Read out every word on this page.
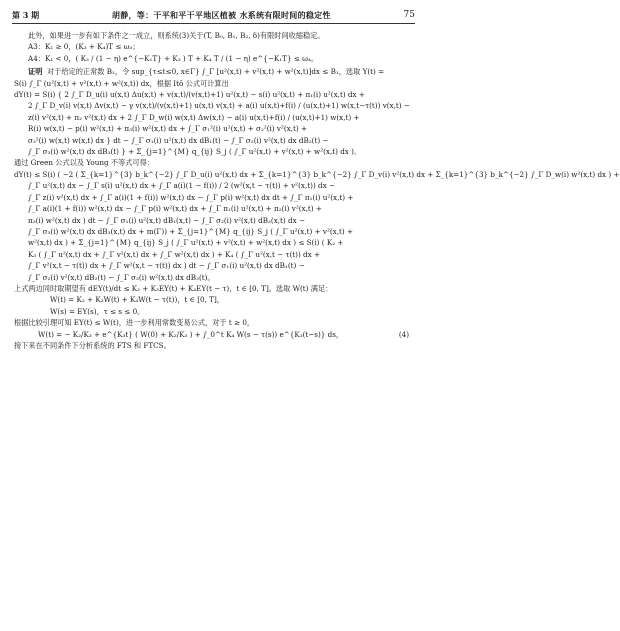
第 3 期	胡静，等：干平和平干平地区植被 水系统有限时间的稳定性	75
此外，如果进一步有如下条件之一成立，则系统(3)关于(T, B₀, B₁, B₂, δ)有限时间收缩稳定。
A3：K₁ ≥ 0，(K₃ + K₄)T ≤ ω₃；
A4：K₁ < 0，( K₃ / (1 − η) e^{−K₁T} + K₃ ) T + K₄ T / (1 − η) e^{−K₁T} ≤ ω₄。
证明 对于给定的正常数 B₁，令 sup_{τ≤t≤0, x∈Γ} ∫_Γ [u²(x,t) + v²(x,t) + w²(x,t)]dx ≤ B₁，选取 Y(t) =
S(i) ∫_Γ (u²(x,t) + v²(x,t) + w²(x,t)) dx，根据 Itô 公式可计算出
dY(t) = S(i) { 2 ∫_Γ D_u(i) u(x,t) Δu(x,t) + v(x,t)/(v(x,t)+1) u²(x,t) − s(i) u²(x,t) + π₁(i) u²(x,t) dx +
2 ∫_Γ D_v(i) v(x,t) Δv(x,t) − γ v(x,t)/(v(x,t)+1) u(x,t) v(x,t) + a(i) u(x,t)+f(i) / (u(x,t)+1) w(x,t−τ(t)) v(x,t) −
z(i) v²(x,t) + π₂ v²(x,t) dx + 2 ∫_Γ D_w(i) w(x,t) Δw(x,t) − a(i) u(x,t)+f(i) / (u(x,t)+1) w(x,t) +
R(i) w(x,t) − p(i) w²(x,t) + π₃(i) w²(x,t) dx + ∫_Γ σ₁²(i) u²(x,t) + σ₂²(i) v²(x,t) +
σ₃²(i) w(x,t) w(x,t) dx } dt − ∫_Γ σ₁(i) u²(x,t) dx dB₁(t) − ∫_Γ σ₂(i) v²(x,t) dx dB₂(t) −
∫_Γ σ₃(i) w²(x,t) dx dB₃(t) } + Σ_{j=1}^{M} q_{ij} S_j ( ∫_Γ u²(x,t) + v²(x,t) + w²(x,t) dx )。
通过 Green 公式以及 Young 不等式可得：
dY(t) ≤ S(i) ( −2 ( Σ_{k=1}^{3} b_k^{−2} ∫_Γ D_u(i) u²(x,t) dx + Σ_{k=1}^{3} b_k^{−2} ∫_Γ D_v(i) v²(x,t) dx + Σ_{k=1}^{3} b_k^{−2} ∫_Γ D_w(i) w²(x,t) dx ) +
∫_Γ u²(x,t) dx − ∫_Γ s(i) u²(x,t) dx + ∫_Γ a(i)(1 − f(i)) / 2 (w²(x,t − τ(t)) + v²(x,t)) dx −
∫_Γ z(i) v²(x,t) dx + ∫_Γ a(i)(1 + f(i)) w²(x,t) dx − ∫_Γ p(i) w²(x,t) dx dt + ∫_Γ π₁(i) u²(x,t) +
∫_Γ a(i)(1 + f(i)) w²(x,t) dx − ∫_Γ p(i) w²(x,t) dx + ∫_Γ π₁(i) u²(x,t) + π₂(i) v²(x,t) +
π₃(i) w²(x,t) dx ) dt − ∫_Γ σ₁(i) u²(x,t) dB₁(x,t) − ∫_Γ σ₂(i) v²(x,t) dB₂(x,t) dx −
∫_Γ σ₃(i) w²(x,t) dx dB₃(x,t) dx + m(Γ)) + Σ_{j=1}^{M} q_{ij} S_j ( ∫_Γ u²(x,t) + v²(x,t) +
w²(x,t) dx ) + Σ_{j=1}^{M} q_{ij} S_j ( ∫_Γ u²(x,t) + v²(x,t) + w²(x,t) dx ) ≤ S(i) ( K₂ +
K₃ ( ∫_Γ u²(x,t) dx + ∫_Γ v²(x,t) dx + ∫_Γ w²(x,t) dx ) + K₄ ( ∫_Γ u²(x,t − τ(t)) dx +
∫_Γ v²(x,t − τ(t)) dx + ∫_Γ w²(x,t − τ(t)) dx ) dt − ∫_Γ σ₁(i) u²(x,t) dx dB₁(t) −
∫_Γ σ₂(i) v²(x,t) dB₂(t) − ∫_Γ σ₃(i) w²(x,t) dx dB₃(t)。
上式两边同时取期望有 dEY(t)/dt ≤ K₂ + K₃EY(t) + K₄EY(t − τ)，t ∈ [0, T]。选取 W(t) 满足：
W(t) = K₂ + K₃W(t) + K₄W(t − τ(t))，t ∈ [0, T]，
W(s) = EY(s)，τ ≤ s ≤ 0。
根据比较引理可知 EY(t) ≤ W(t)，进一步利用常数变易公式，对于 t ≥ 0，
W(t) = − K₂/K₃ + e^{K₃t} ( W(0) + K₂/K₃ ) + ∫_0^t K₄ W(s − τ(s)) e^{K₃(t−s)} ds，	(4)
接下来在不同条件下分析系统的 FTS 和 FTCS。
